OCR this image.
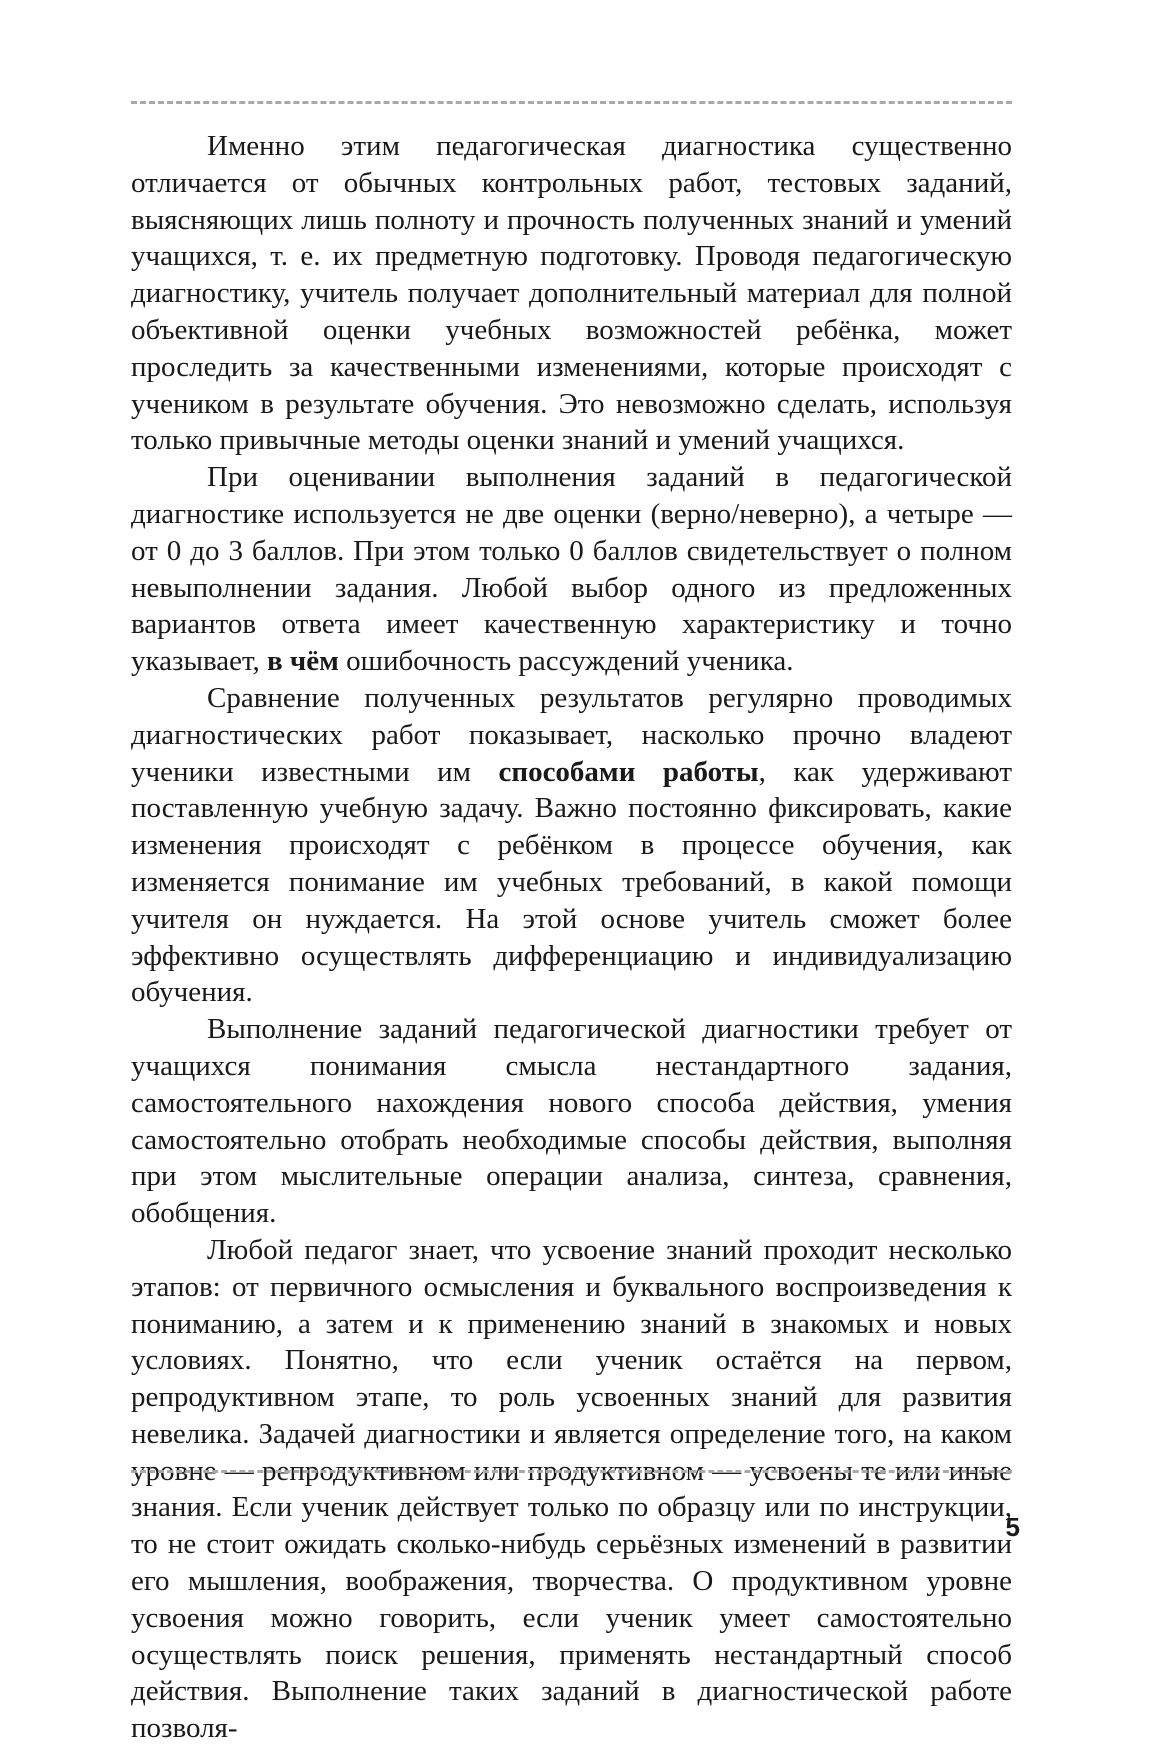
Именно этим педагогическая диагностика существенно отличается от обычных контрольных работ, тестовых заданий, выясняющих лишь полноту и прочность полученных знаний и умений учащихся, т. е. их предметную подготовку. Проводя педагогическую диагностику, учитель получает дополнительный материал для полной объективной оценки учебных возможностей ребёнка, может проследить за качественными изменениями, которые происходят с учеником в результате обучения. Это невозможно сделать, используя только привычные методы оценки знаний и умений учащихся.

При оценивании выполнения заданий в педагогической диагностике используется не две оценки (верно/неверно), а четыре — от 0 до 3 баллов. При этом только 0 баллов свидетельствует о полном невыполнении задания. Любой выбор одного из предложенных вариантов ответа имеет качественную характеристику и точно указывает, в чём ошибочность рассуждений ученика.

Сравнение полученных результатов регулярно проводимых диагностических работ показывает, насколько прочно владеют ученики известными им способами работы, как удерживают поставленную учебную задачу. Важно постоянно фиксировать, какие изменения происходят с ребёнком в процессе обучения, как изменяется понимание им учебных требований, в какой помощи учителя он нуждается. На этой основе учитель сможет более эффективно осуществлять дифференциацию и индивидуализацию обучения.

Выполнение заданий педагогической диагностики требует от учащихся понимания смысла нестандартного задания, самостоятельного нахождения нового способа действия, умения самостоятельно отобрать необходимые способы действия, выполняя при этом мыслительные операции анализа, синтеза, сравнения, обобщения.

Любой педагог знает, что усвоение знаний проходит несколько этапов: от первичного осмысления и буквального воспроизведения к пониманию, а затем и к применению знаний в знакомых и новых условиях. Понятно, что если ученик остаётся на первом, репродуктивном этапе, то роль усвоенных знаний для развития невелика. Задачей диагностики и является определение того, на каком уровне — репродуктивном или продуктивном — усвоены те или иные знания. Если ученик действует только по образцу или по инструкции, то не стоит ожидать сколько-нибудь серьёзных изменений в развитии его мышления, воображения, творчества. О продуктивном уровне усвоения можно говорить, если ученик умеет самостоятельно осуществлять поиск решения, применять нестандартный способ действия. Выполнение таких заданий в диагностической работе позволя-

5
